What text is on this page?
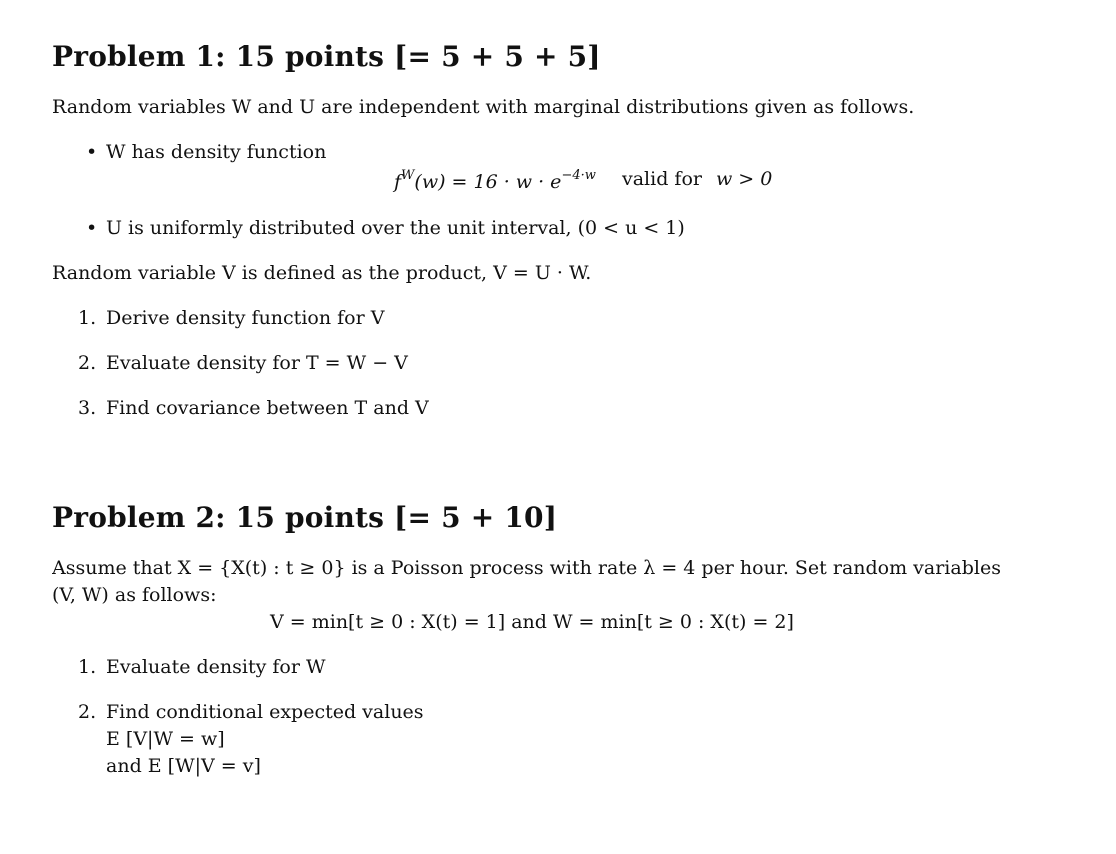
Problem 1: 15 points [= 5 + 5 + 5]
Random variables W and U are independent with marginal distributions given as follows.
• W has density function
$f^W(w) = 16 \cdot w \cdot e^{-4\cdot w}$ valid for w > 0
• U is uniformly distributed over the unit interval, (0 < u < 1)
Random variable V is defined as the product, V = U · W.
1. Derive density function for V
2. Evaluate density for T = W − V
3. Find covariance between T and V
Problem 2: 15 points [= 5 + 10]
Assume that X = {X(t) : t ≥ 0} is a Poisson process with rate λ = 4 per hour. Set random variables
(V, W) as follows:
V = min[t ≥ 0 : X(t) = 1] and W = min[t ≥ 0 : X(t) = 2]
1. Evaluate density for W
2. Find conditional expected values
E [V|W = w]
and E [W|V = v]
